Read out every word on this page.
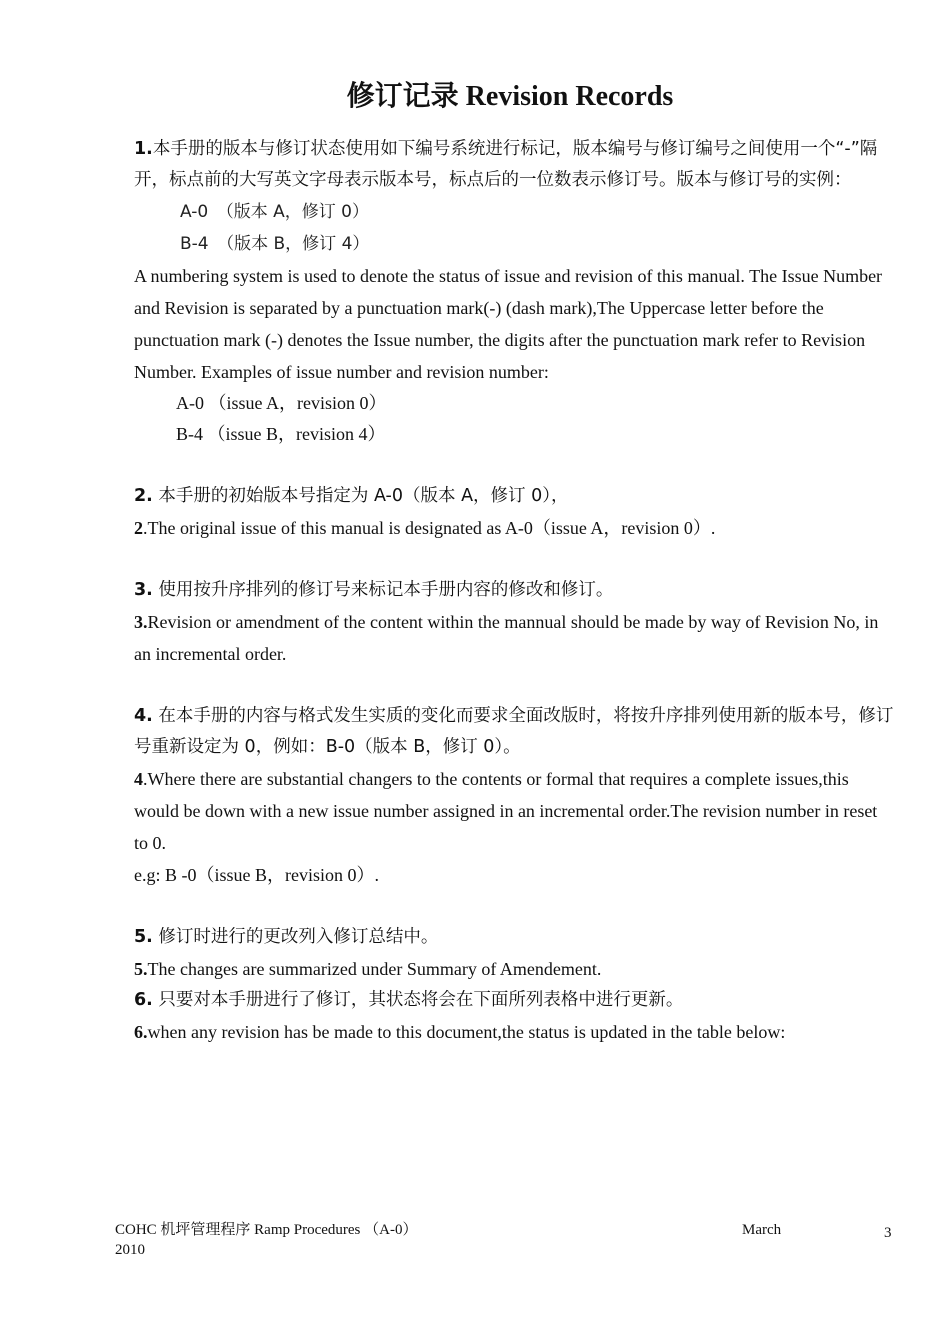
修订记录 Revision Records

1.本手册的版本与修订状态使用如下编号系统进行标记，版本编号与修订编号之间使用一个“-”隔开，标点前的大写英文字母表示版本号，标点后的一位数表示修订号。版本与修订号的实例：

A-0　（版本 A，修订 0）

B-4　（版本 B，修订 4）

A numbering system is used to denote the status of issue and revision of this manual. The Issue Number and Revision is separated by a punctuation mark(-) (dash mark),The Uppercase letter before the punctuation mark (-) denotes the Issue number, the digits after the punctuation mark refer to Revision Number. Examples of issue number and revision number:

A-0 （issue A，revision 0）

B-4 （issue B，revision 4）

2. 本手册的初始版本号指定为 A-0（版本 A，修订 0），

2.The original issue of this manual is designated as A-0（issue A，revision 0）.

3. 使用按升序排列的修订号来标记本手册内容的修改和修订。

3.Revision or amendment of the content within the mannual should be made by way of Revision No, in an incremental order.

4. 在本手册的内容与格式发生实质的变化而要求全面改版时，将按升序排列使用新的版本号，修订号重新设定为 0，例如：B-0（版本 B，修订 0）。

4.Where there are substantial changers to the contents or formal that requires a complete issues,this would be down with a new issue number assigned in an incremental order.The revision number in reset to 0.

e.g: B -0（issue B，revision 0）.

5. 修订时进行的更改列入修订总结中。

5.The changes are summarized under Summary of Amendement.

6. 只要对本手册进行了修订，其状态将会在下面所列表格中进行更新。

6.when any revision has be made to this document,the status is updated in the table below:

COHC 机坪管理程序 Ramp Procedures （A-0）	March
2010
3
